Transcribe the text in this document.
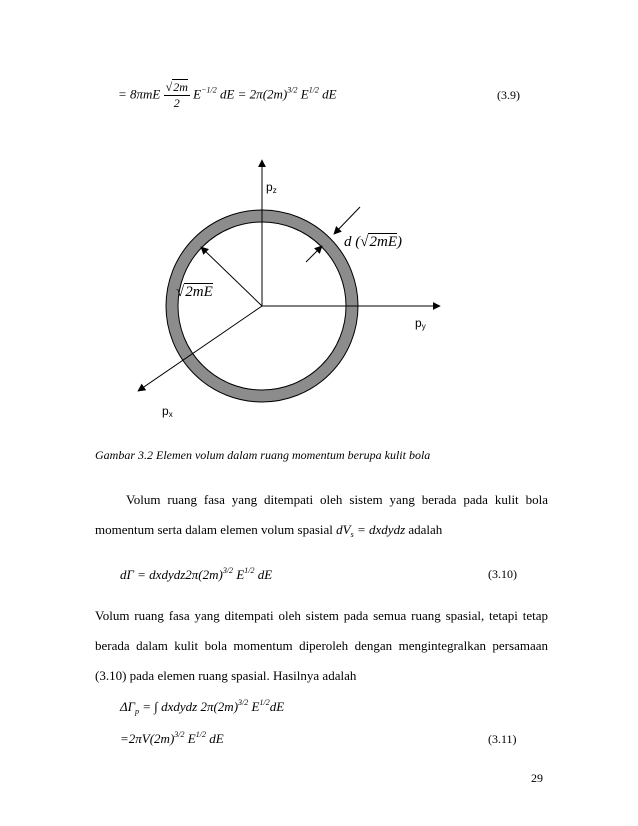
= $8\pi mE \frac{√2m}{2} E^{-1/2}$ dE = $2\pi(2m)^{3/2}$ $E^{1/2}$ dE	(3.9)
pz
py
px
√2mE
d (√2mE)
Gambar 3.2 Elemen volum dalam ruang momentum berupa kulit bola
Volum ruang fasa yang ditempati oleh sistem yang berada pada kulit bola momentum serta dalam elemen volum spasial $dV_s$ = dxdydz adalah
$d\Gamma = dxdydz2\pi(2m)^{3/2}$ $E^{1/2}$ dE	(3.10)
Volum ruang fasa yang ditempati oleh sistem pada semua ruang spasial, tetapi tetap berada dalam kulit bola momentum diperoleh dengan mengintegralkan persamaan (3.10) pada elemen ruang spasial. Hasilnya adalah
$\Delta\Gamma_p$ = ∫ dxdydz $2\pi(2m)^{3/2}$ $E^{1/2}dE$
$=2\pi V(2m)^{3/2}$ $E^{1/2}$ dE	(3.11)
29
